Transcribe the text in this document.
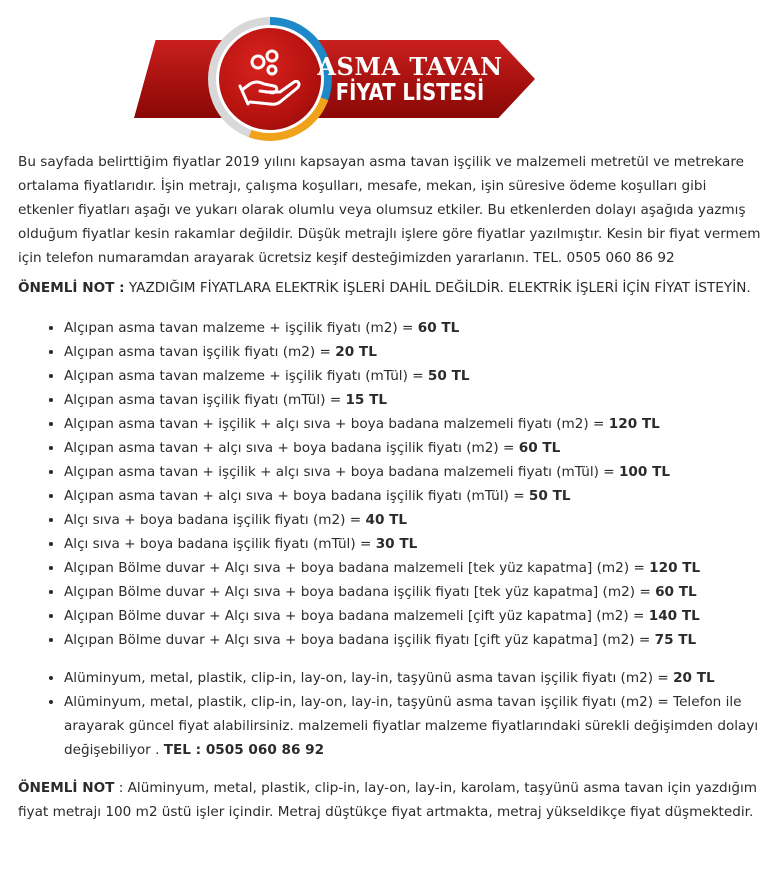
ASMA TAVAN
FİYAT LİSTESİ

Bu sayfada belirttiğim fiyatlar 2019 yılını kapsayan asma tavan işçilik ve malzemeli metretül ve metrekare ortalama fiyatlarıdır. İşin metrajı, çalışma koşulları, mesafe, mekan, işin süresive ödeme koşulları gibi etkenler fiyatları aşağı ve yukarı olarak olumlu veya olumsuz etkiler. Bu etkenlerden dolayı aşağıda yazmış olduğum fiyatlar kesin rakamlar değildir. Düşük metrajlı işlere göre fiyatlar yazılmıştır. Kesin bir fiyat vermem için telefon numaramdan arayarak ücretsiz keşif desteğimizden yararlanın. TEL. 0505 060 86 92

ÖNEMLİ NOT : YAZDIĞIM FİYATLARA ELEKTRİK İŞLERİ DAHİL DEĞİLDİR. ELEKTRİK İŞLERİ İÇİN FİYAT İSTEYİN.

• Alçıpan asma tavan malzeme + işçilik fiyatı (m2) = 60 TL
• Alçıpan asma tavan işçilik fiyatı (m2) = 20 TL
• Alçıpan asma tavan malzeme + işçilik fiyatı (mTül) = 50 TL
• Alçıpan asma tavan işçilik fiyatı (mTül) = 15 TL
• Alçıpan asma tavan + işçilik + alçı sıva + boya badana malzemeli fiyatı (m2) = 120 TL
• Alçıpan asma tavan + alçı sıva + boya badana işçilik fiyatı (m2) = 60 TL
• Alçıpan asma tavan + işçilik + alçı sıva + boya badana malzemeli fiyatı (mTül) = 100 TL
• Alçıpan asma tavan + alçı sıva + boya badana işçilik fiyatı (mTül) = 50 TL
• Alçı sıva + boya badana işçilik fiyatı (m2) = 40 TL
• Alçı sıva + boya badana işçilik fiyatı (mTül) = 30 TL
• Alçıpan Bölme duvar + Alçı sıva + boya badana malzemeli [tek yüz kapatma] (m2) = 120 TL
• Alçıpan Bölme duvar + Alçı sıva + boya badana işçilik fiyatı [tek yüz kapatma] (m2) = 60 TL
• Alçıpan Bölme duvar + Alçı sıva + boya badana malzemeli [çift yüz kapatma] (m2) = 140 TL
• Alçıpan Bölme duvar + Alçı sıva + boya badana işçilik fiyatı [çift yüz kapatma] (m2) = 75 TL
• Alüminyum, metal, plastik, clip-in, lay-on, lay-in, taşyünü asma tavan işçilik fiyatı (m2) = 20 TL
• Alüminyum, metal, plastik, clip-in, lay-on, lay-in, taşyünü asma tavan işçilik fiyatı (m2) = Telefon ile arayarak güncel fiyat alabilirsiniz. malzemeli fiyatlar malzeme fiyatlarındaki sürekli değişimden dolayı değişebiliyor . TEL : 0505 060 86 92

ÖNEMLİ NOT : Alüminyum, metal, plastik, clip-in, lay-on, lay-in, karolam, taşyünü asma tavan için yazdığım fiyat metrajı 100 m2 üstü işler içindir. Metraj düştükçe fiyat artmakta, metraj yükseldikçe fiyat düşmektedir.
